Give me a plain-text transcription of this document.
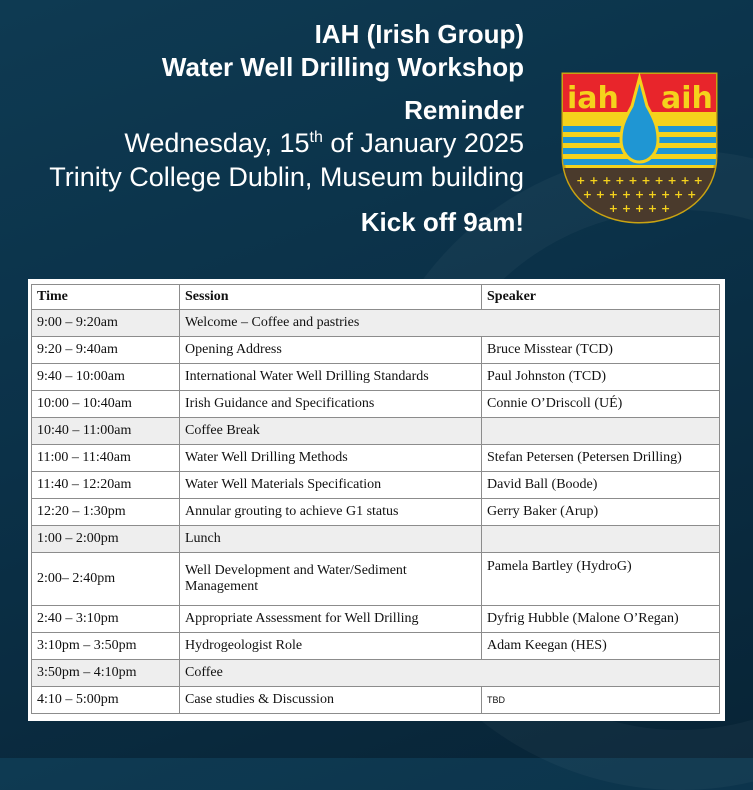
IAH (Irish Group)
Water Well Drilling Workshop
Reminder
Wednesday, 15th of January 2025
Trinity College Dublin, Museum building
Kick off 9am!
iah aih
+ + + + + + + + + +
+ + + + + + + + +
+ + + + +
Time	Session	Speaker
9:00 – 9:20am	Welcome – Coffee and pastries	
9:20 – 9:40am	Opening Address	Bruce Misstear (TCD)
9:40 – 10:00am	International Water Well Drilling Standards	Paul Johnston (TCD)
10:00 – 10:40am	Irish Guidance and Specifications	Connie O’Driscoll (UÉ)
10:40 – 11:00am	Coffee Break	
11:00 – 11:40am	Water Well Drilling Methods	Stefan Petersen (Petersen Drilling)
11:40 – 12:20am	Water Well Materials Specification	David Ball (Boode)
12:20 – 1:30pm	Annular grouting to achieve G1 status	Gerry Baker (Arup)
1:00 – 2:00pm	Lunch	
2:00– 2:40pm	Well Development and Water/Sediment Management	Pamela Bartley (HydroG)
2:40 – 3:10pm	Appropriate Assessment for Well Drilling	Dyfrig Hubble (Malone O’Regan)
3:10pm – 3:50pm	Hydrogeologist Role	Adam Keegan (HES)
3:50pm – 4:10pm	Coffee	
4:10 – 5:00pm	Case studies & Discussion	TBD
